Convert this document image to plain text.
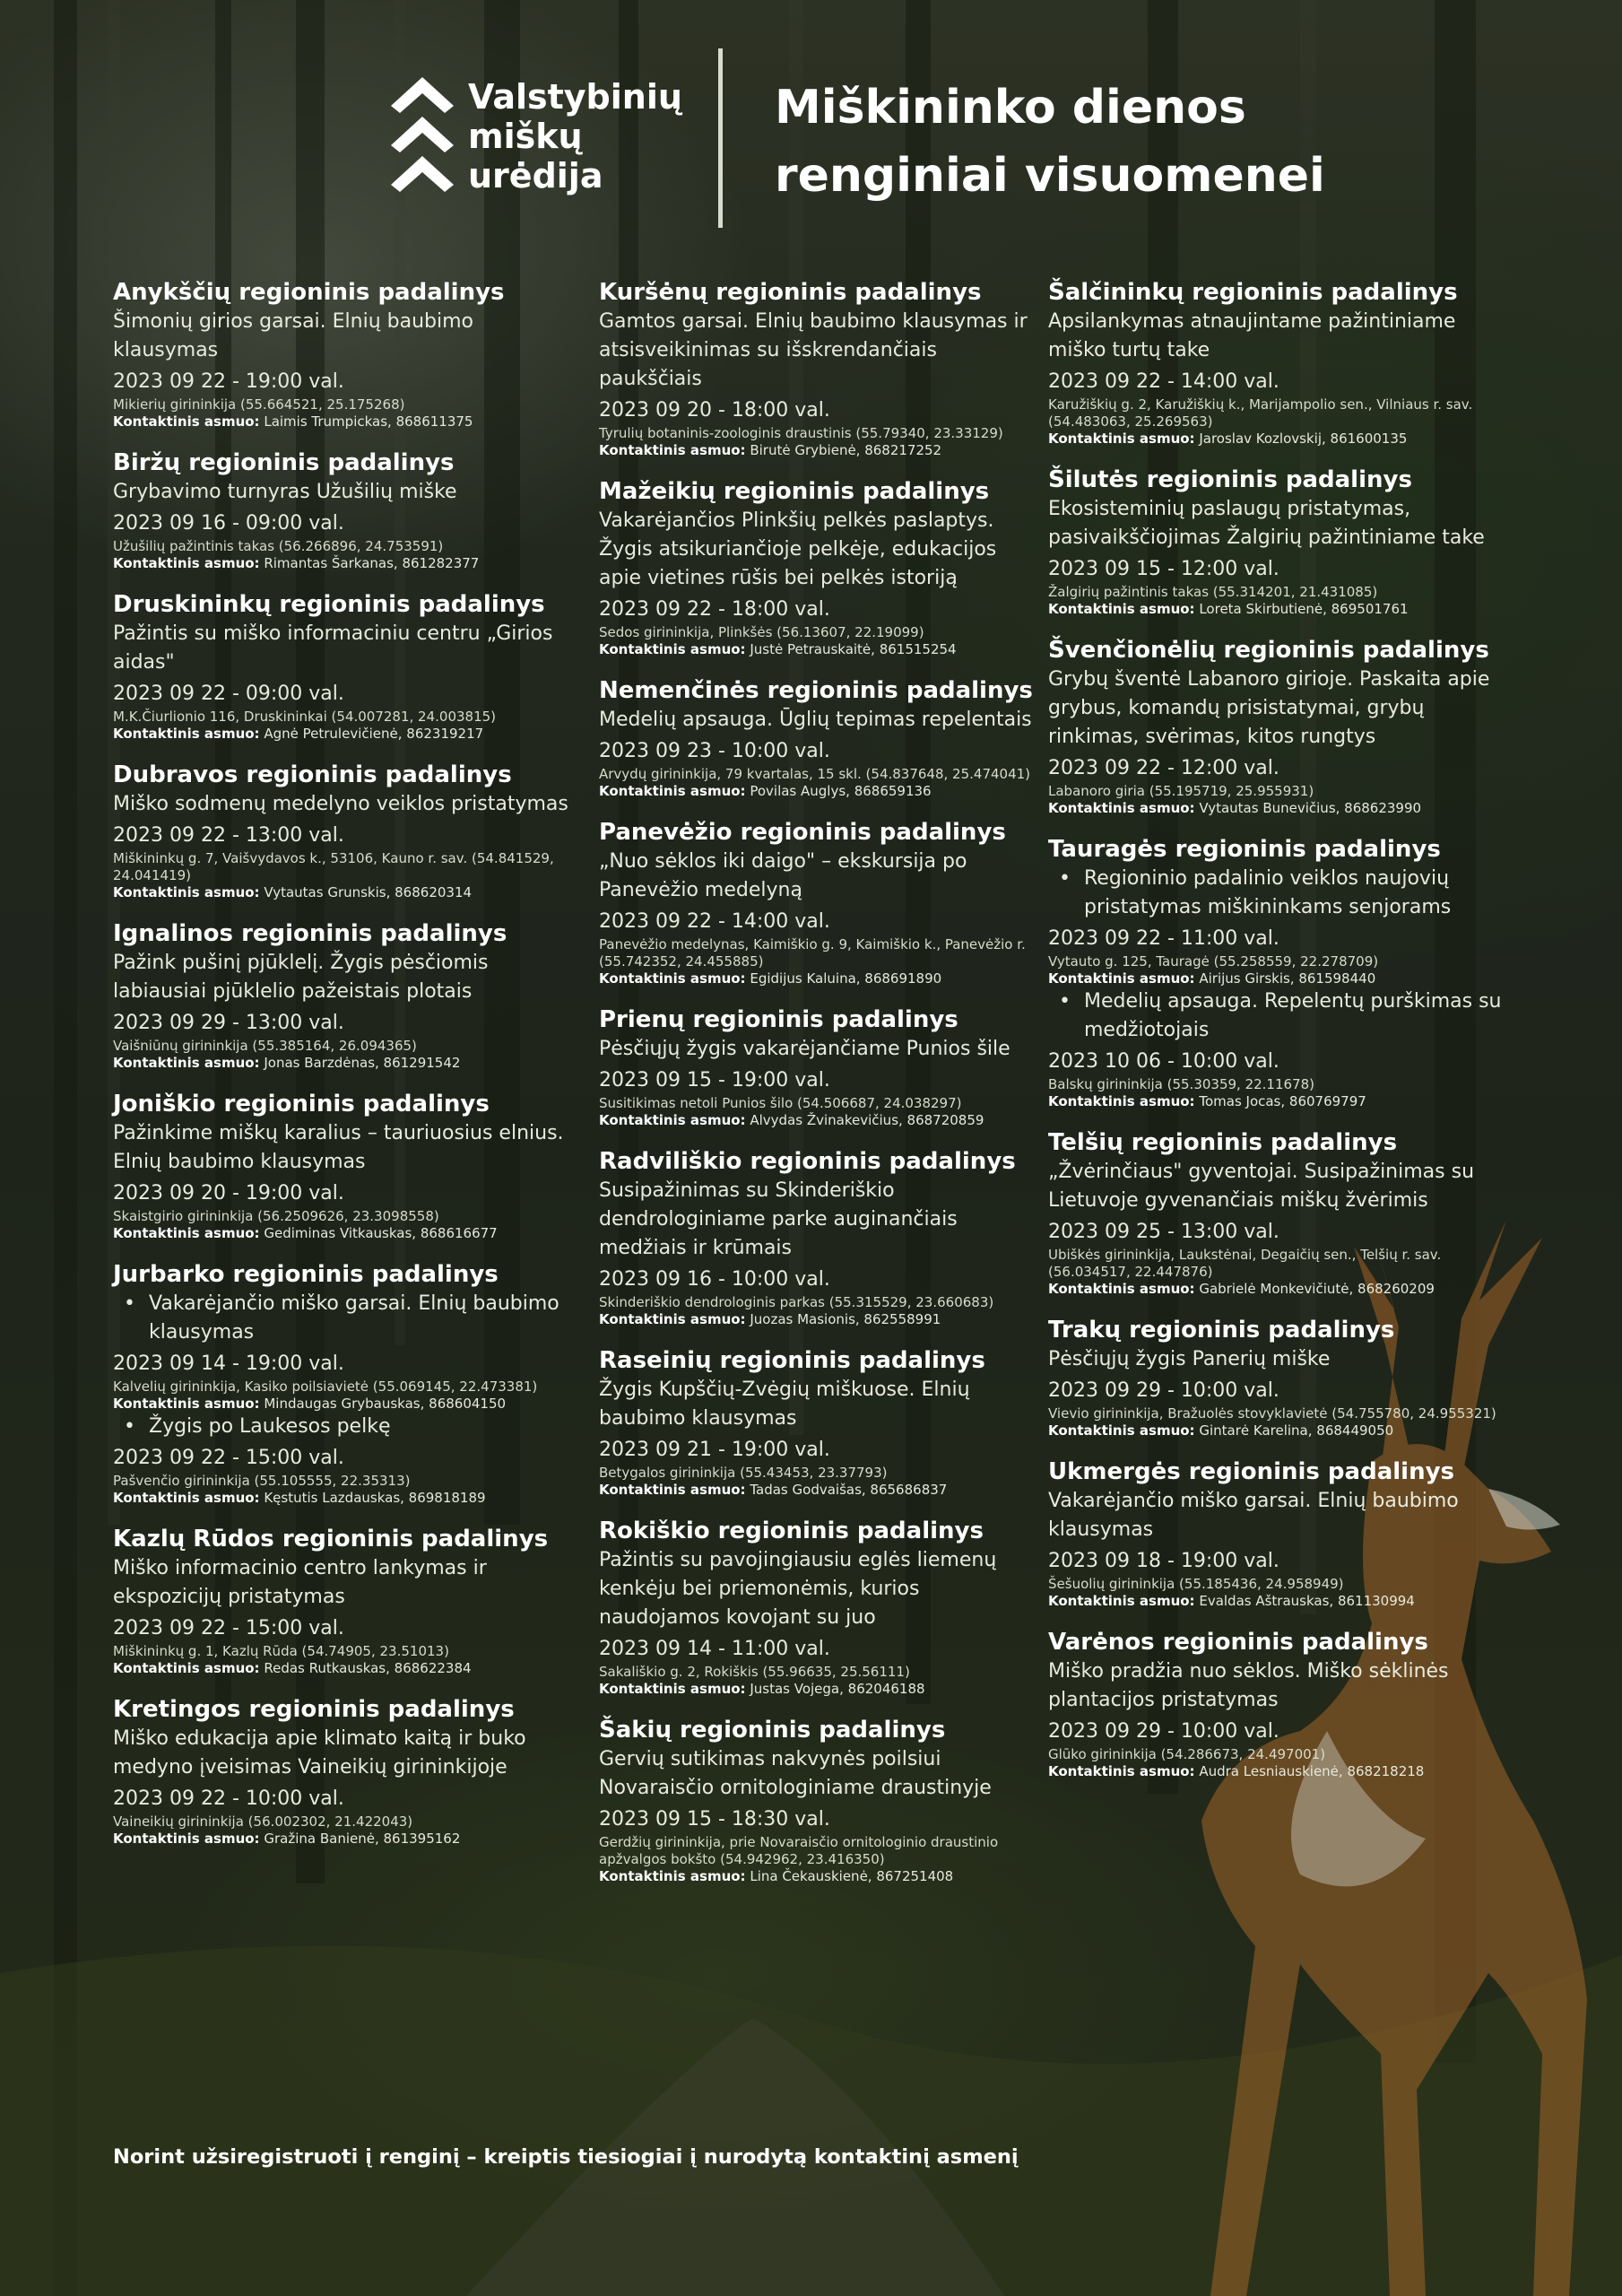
Valstybinių
miškų
urėdija
Miškininko dienos
renginiai visuomenei
Anykščių regioninis padalinys
Šimonių girios garsai. Elnių baubimo klausymas
2023 09 22 - 19:00 val.
Mikierių girininkija (55.664521, 25.175268)
Kontaktinis asmuo: Laimis Trumpickas, 868611375
Biržų regioninis padalinys
Grybavimo turnyras Užušilių miške
2023 09 16 - 09:00 val.
Užušilių pažintinis takas (56.266896, 24.753591)
Kontaktinis asmuo: Rimantas Šarkanas, 861282377
Druskininkų regioninis padalinys
Pažintis su miško informaciniu centru „Girios aidas"
2023 09 22 - 09:00 val.
M.K.Čiurlionio 116, Druskininkai (54.007281, 24.003815)
Kontaktinis asmuo: Agnė Petrulevičienė, 862319217
Dubravos regioninis padalinys
Miško sodmenų medelyno veiklos pristatymas
2023 09 22 - 13:00 val.
Miškininkų g. 7, Vaišvydavos k., 53106, Kauno r. sav. (54.841529, 24.041419)
Kontaktinis asmuo: Vytautas Grunskis, 868620314
Ignalinos regioninis padalinys
Pažink pušinį pjūklelį. Žygis pėsčiomis labiausiai pjūklelio pažeistais plotais
2023 09 29 - 13:00 val.
Vaišniūnų girininkija (55.385164, 26.094365)
Kontaktinis asmuo: Jonas Barzdėnas, 861291542
Joniškio regioninis padalinys
Pažinkime miškų karalius – tauriuosius elnius. Elnių baubimo klausymas
2023 09 20 - 19:00 val.
Skaistgirio girininkija (56.2509626, 23.3098558)
Kontaktinis asmuo: Gediminas Vitkauskas, 868616677
Jurbarko regioninis padalinys
• Vakarėjančio miško garsai. Elnių baubimo klausymas
2023 09 14 - 19:00 val.
Kalvelių girininkija, Kasiko poilsiavietė (55.069145, 22.473381)
Kontaktinis asmuo: Mindaugas Grybauskas, 868604150
• Žygis po Laukesos pelkę
2023 09 22 - 15:00 val.
Pašvenčio girininkija (55.105555, 22.35313)
Kontaktinis asmuo: Kęstutis Lazdauskas, 869818189
Kazlų Rūdos regioninis padalinys
Miško informacinio centro lankymas ir ekspozicijų pristatymas
2023 09 22 - 15:00 val.
Miškininkų g. 1, Kazlų Rūda (54.74905, 23.51013)
Kontaktinis asmuo: Redas Rutkauskas, 868622384
Kretingos regioninis padalinys
Miško edukacija apie klimato kaitą ir buko medyno įveisimas Vaineikių girininkijoje
2023 09 22 - 10:00 val.
Vaineikių girininkija (56.002302, 21.422043)
Kontaktinis asmuo: Gražina Banienė, 861395162
Kuršėnų regioninis padalinys
Gamtos garsai. Elnių baubimo klausymas ir atsisveikinimas su išskrendančiais paukščiais
2023 09 20 - 18:00 val.
Tyrulių botaninis-zoologinis draustinis (55.79340, 23.33129)
Kontaktinis asmuo: Birutė Grybienė, 868217252
Mažeikių regioninis padalinys
Vakarėjančios Plinkšių pelkės paslaptys. Žygis atsikuriančioje pelkėje, edukacijos apie vietines rūšis bei pelkės istoriją
2023 09 22 - 18:00 val.
Sedos girininkija, Plinkšės (56.13607, 22.19099)
Kontaktinis asmuo: Justė Petrauskaitė, 861515254
Nemenčinės regioninis padalinys
Medelių apsauga. Ūglių tepimas repelentais
2023 09 23 - 10:00 val.
Arvydų girininkija, 79 kvartalas, 15 skl. (54.837648, 25.474041)
Kontaktinis asmuo: Povilas Auglys, 868659136
Panevėžio regioninis padalinys
„Nuo sėklos iki daigo" – ekskursija po Panevėžio medelyną
2023 09 22 - 14:00 val.
Panevėžio medelynas, Kaimiškio g. 9, Kaimiškio k., Panevėžio r. (55.742352, 24.455885)
Kontaktinis asmuo: Egidijus Kaluina, 868691890
Prienų regioninis padalinys
Pėsčiųjų žygis vakarėjančiame Punios šile
2023 09 15 - 19:00 val.
Susitikimas netoli Punios šilo (54.506687, 24.038297)
Kontaktinis asmuo: Alvydas Žvinakevičius, 868720859
Radviliškio regioninis padalinys
Susipažinimas su Skinderiškio dendrologiniame parke auginančiais medžiais ir krūmais
2023 09 16 - 10:00 val.
Skinderiškio dendrologinis parkas (55.315529, 23.660683)
Kontaktinis asmuo: Juozas Masionis, 862558991
Raseinių regioninis padalinys
Žygis Kupščių-Zvėgių miškuose. Elnių baubimo klausymas
2023 09 21 - 19:00 val.
Betygalos girininkija (55.43453, 23.37793)
Kontaktinis asmuo: Tadas Godvaišas, 865686837
Rokiškio regioninis padalinys
Pažintis su pavojingiausiu eglės liemenų kenkėju bei priemonėmis, kurios naudojamos kovojant su juo
2023 09 14 - 11:00 val.
Sakališkio g. 2, Rokiškis (55.96635, 25.56111)
Kontaktinis asmuo: Justas Vojega, 862046188
Šakių regioninis padalinys
Gervių sutikimas nakvynės poilsiui Novaraisčio ornitologiniame draustinyje
2023 09 15 - 18:30 val.
Gerdžių girininkija, prie Novaraisčio ornitologinio draustinio apžvalgos bokšto (54.942962, 23.416350)
Kontaktinis asmuo: Lina Čekauskienė, 867251408
Šalčininkų regioninis padalinys
Apsilankymas atnaujintame pažintiniame miško turtų take
2023 09 22 - 14:00 val.
Karužiškių g. 2, Karužiškių k., Marijampolio sen., Vilniaus r. sav. (54.483063, 25.269563)
Kontaktinis asmuo: Jaroslav Kozlovskij, 861600135
Šilutės regioninis padalinys
Ekosisteminių paslaugų pristatymas, pasivaikščiojimas Žalgirių pažintiniame take
2023 09 15 - 12:00 val.
Žalgirių pažintinis takas (55.314201, 21.431085)
Kontaktinis asmuo: Loreta Skirbutienė, 869501761
Švenčionėlių regioninis padalinys
Grybų šventė Labanoro girioje. Paskaita apie grybus, komandų prisistatymai, grybų rinkimas, svėrimas, kitos rungtys
2023 09 22 - 12:00 val.
Labanoro giria (55.195719, 25.955931)
Kontaktinis asmuo: Vytautas Bunevičius, 868623990
Tauragės regioninis padalinys
• Regioninio padalinio veiklos naujovių pristatymas miškininkams senjorams
2023 09 22 - 11:00 val.
Vytauto g. 125, Tauragė (55.258559, 22.278709)
Kontaktinis asmuo: Airijus Girskis, 861598440
• Medelių apsauga. Repelentų purškimas su medžiotojais
2023 10 06 - 10:00 val.
Balskų girininkija (55.30359, 22.11678)
Kontaktinis asmuo: Tomas Jocas, 860769797
Telšių regioninis padalinys
„Žvėrinčiaus" gyventojai. Susipažinimas su Lietuvoje gyvenančiais miškų žvėrimis
2023 09 25 - 13:00 val.
Ubiškės girininkija, Laukstėnai, Degaičių sen., Telšių r. sav. (56.034517, 22.447876)
Kontaktinis asmuo: Gabrielė Monkevičiutė, 868260209
Trakų regioninis padalinys
Pėsčiųjų žygis Panerių miške
2023 09 29 - 10:00 val.
Vievio girininkija, Bražuolės stovyklavietė (54.755780, 24.955321)
Kontaktinis asmuo: Gintarė Karelina, 868449050
Ukmergės regioninis padalinys
Vakarėjančio miško garsai. Elnių baubimo klausymas
2023 09 18 - 19:00 val.
Šešuolių girininkija (55.185436, 24.958949)
Kontaktinis asmuo: Evaldas Aštrauskas, 861130994
Varėnos regioninis padalinys
Miško pradžia nuo sėklos. Miško sėklinės plantacijos pristatymas
2023 09 29 - 10:00 val.
Glūko girininkija (54.286673, 24.497001)
Kontaktinis asmuo: Audra Lesniauskienė, 868218218
Norint užsiregistruoti į renginį – kreiptis tiesiogiai į nurodytą kontaktinį asmenį
